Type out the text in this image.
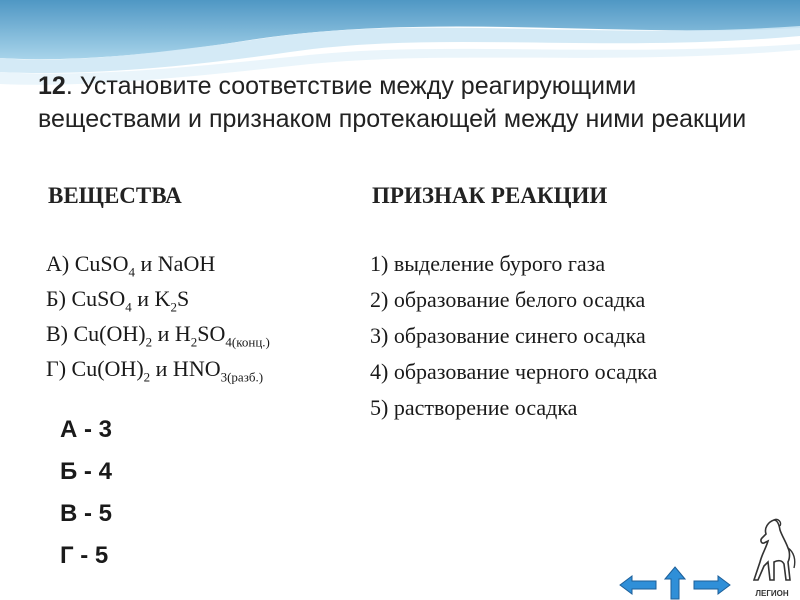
12. Установите соответствие между реагирующими веществами и признаком протекающей между ними реакции
ВЕЩЕСТВА	ПРИЗНАК РЕАКЦИИ
А) CuSO$_4$ и NaOH
Б) CuSO$_4$ и $K_2S$
В) $Cu(OH)_2$ и $H_2SO_{4(конц.)}$
Г) $Cu(OH)_2$ и $HNO_{3(разб.)}$
1) выделение бурого газа
2) образование белого осадка
3) образование синего осадка
4) образование черного осадка
5) растворение осадка
А - 3
Б - 4
В - 5
Г - 5
ЛЕГИОН
